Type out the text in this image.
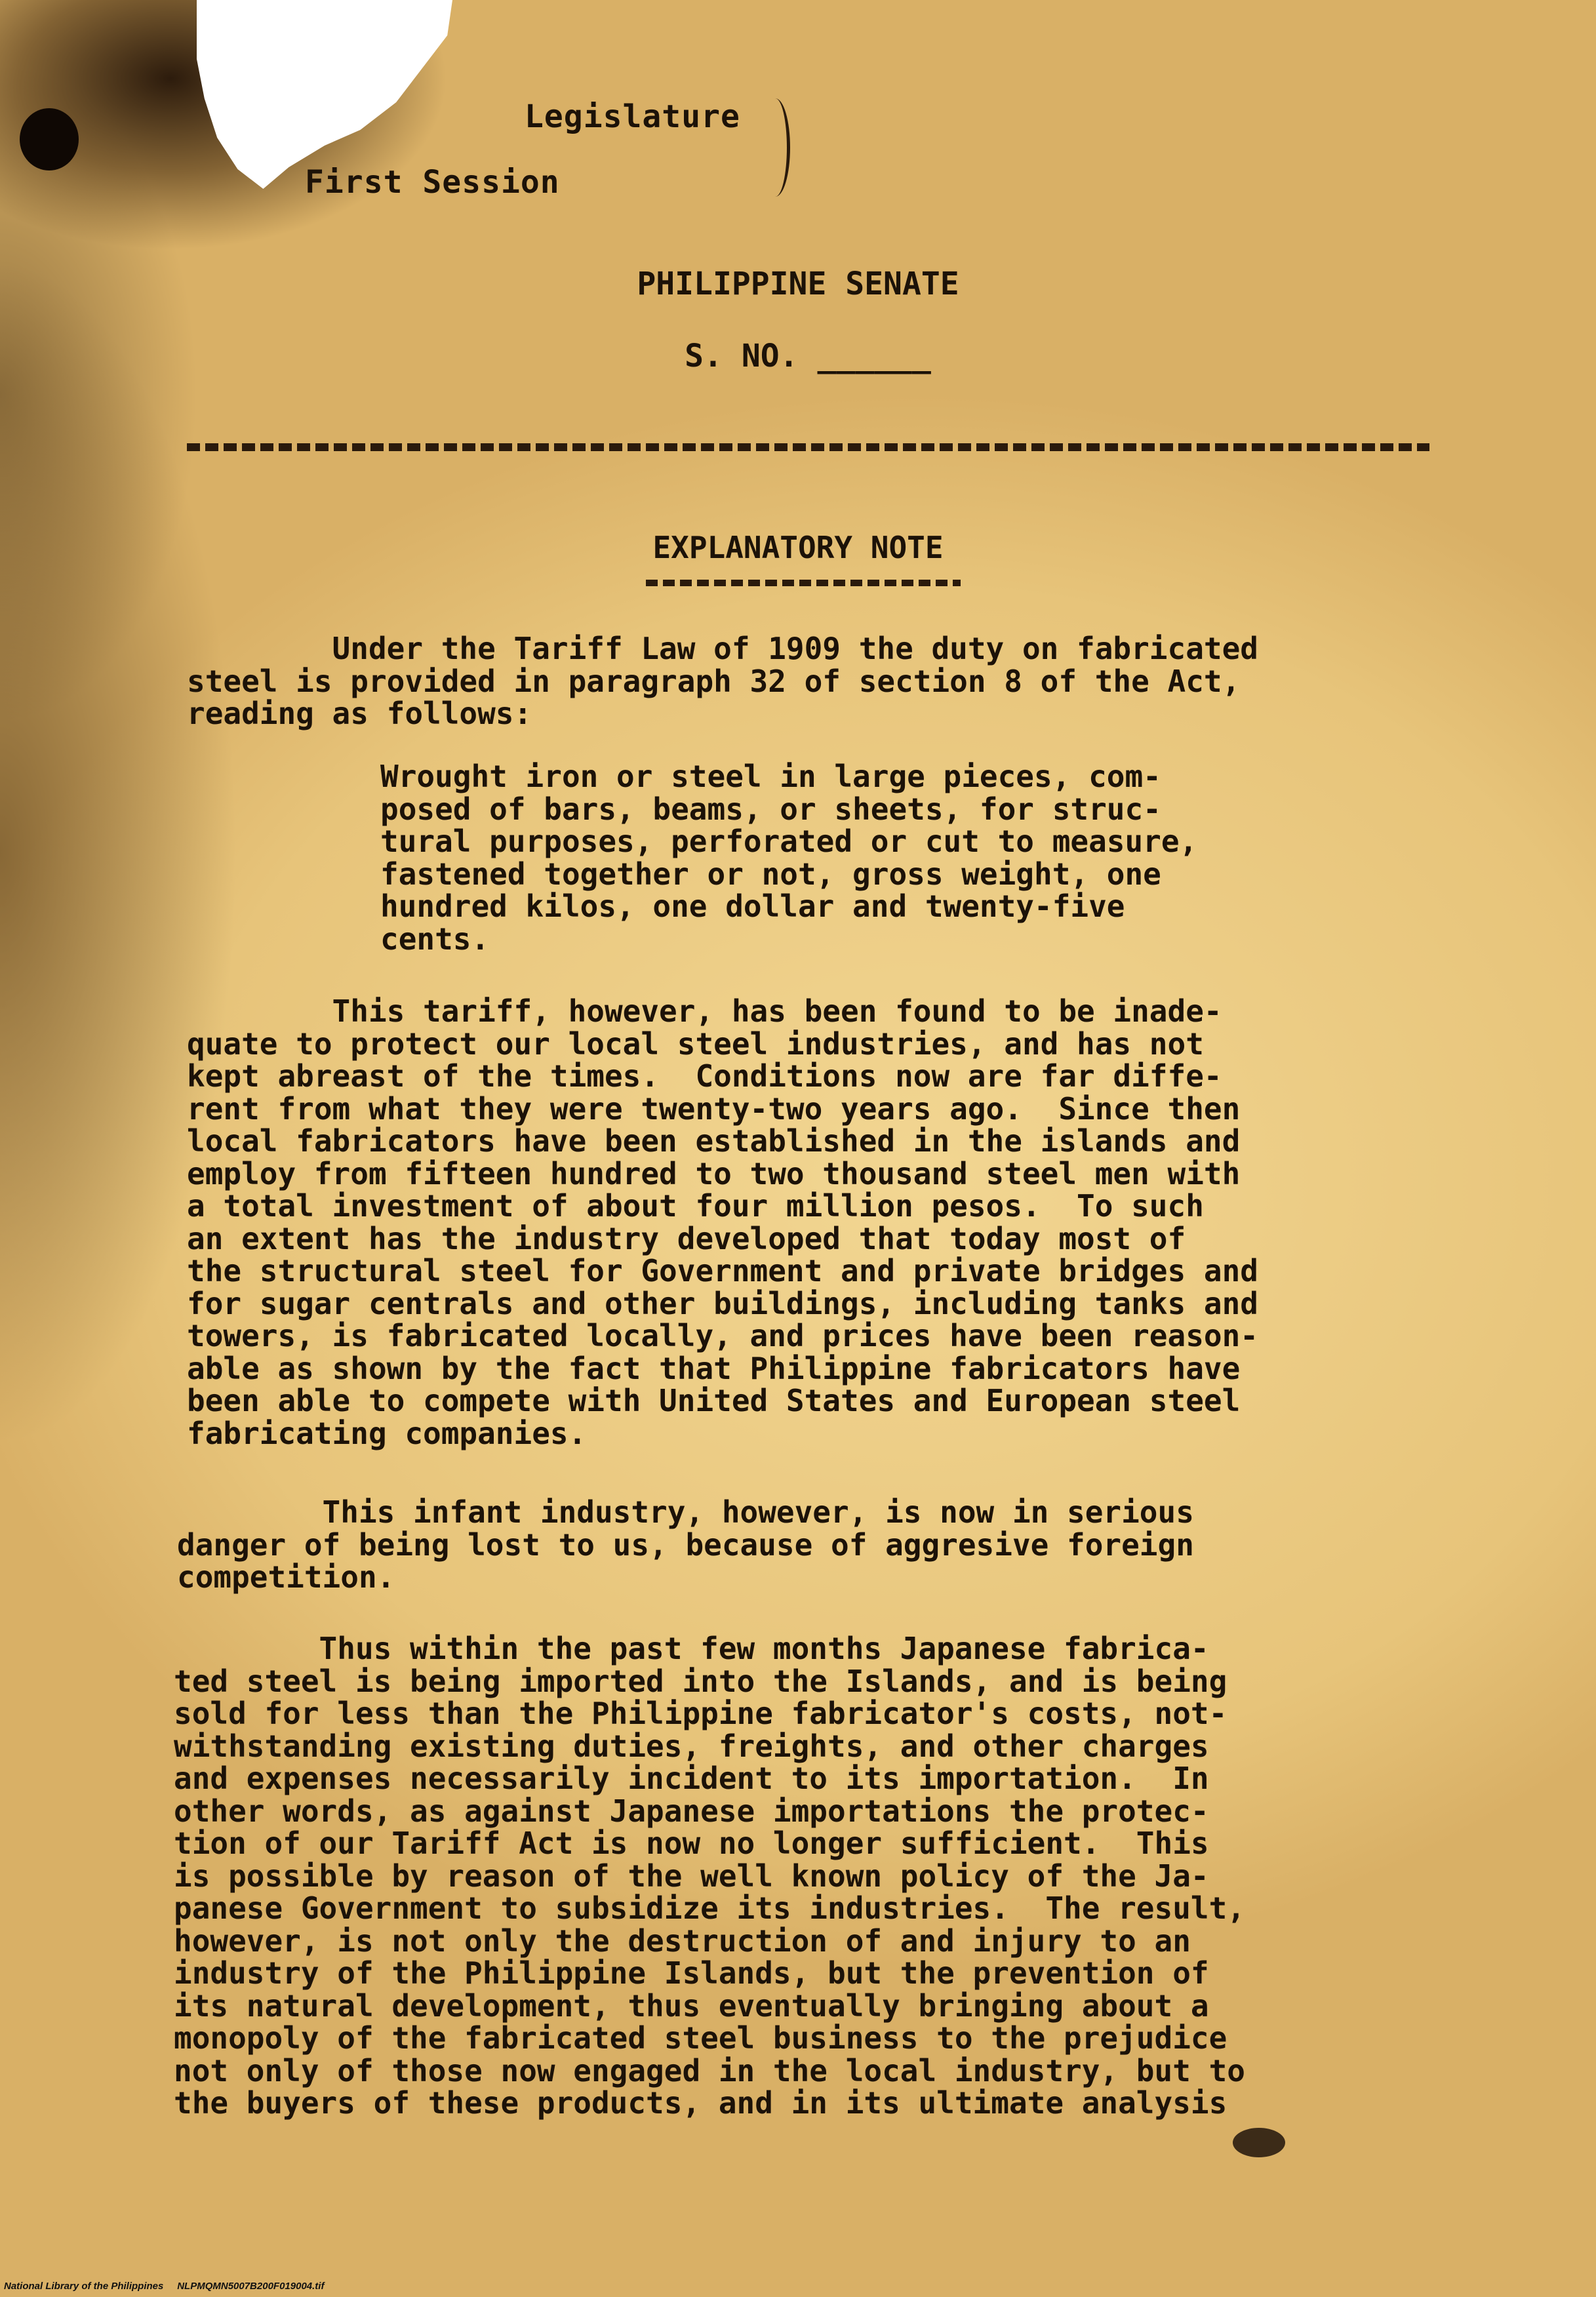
Legislature
First Session
PHILIPPINE SENATE
S. NO. ______
EXPLANATORY NOTE
Under the Tariff Law of 1909 the duty on fabricated
steel is provided in paragraph 32 of section 8 of the Act,
reading as follows:
Wrought iron or steel in large pieces, com-
posed of bars, beams, or sheets, for struc-
tural purposes, perforated or cut to measure,
fastened together or not, gross weight, one
hundred kilos, one dollar and twenty-five
cents.
This tariff, however, has been found to be inade-
quate to protect our local steel industries, and has not
kept abreast of the times.  Conditions now are far diffe-
rent from what they were twenty-two years ago.  Since then
local fabricators have been established in the islands and
employ from fifteen hundred to two thousand steel men with
a total investment of about four million pesos.  To such
an extent has the industry developed that today most of
the structural steel for Government and private bridges and
for sugar centrals and other buildings, including tanks and
towers, is fabricated locally, and prices have been reason-
able as shown by the fact that Philippine fabricators have
been able to compete with United States and European steel
fabricating companies.
This infant industry, however, is now in serious
danger of being lost to us, because of aggresive foreign
competition.
Thus within the past few months Japanese fabrica-
ted steel is being imported into the Islands, and is being
sold for less than the Philippine fabricator's costs, not-
withstanding existing duties, freights, and other charges
and expenses necessarily incident to its importation.  In
other words, as against Japanese importations the protec-
tion of our Tariff Act is now no longer sufficient.  This
is possible by reason of the well known policy of the Ja-
panese Government to subsidize its industries.  The result,
however, is not only the destruction of and injury to an
industry of the Philippine Islands, but the prevention of
its natural development, thus eventually bringing about a
monopoly of the fabricated steel business to the prejudice
not only of those now engaged in the local industry, but to
the buyers of these products, and in its ultimate analysis
National Library of the Philippines     NLPMQMN5007B200F019004.tif
